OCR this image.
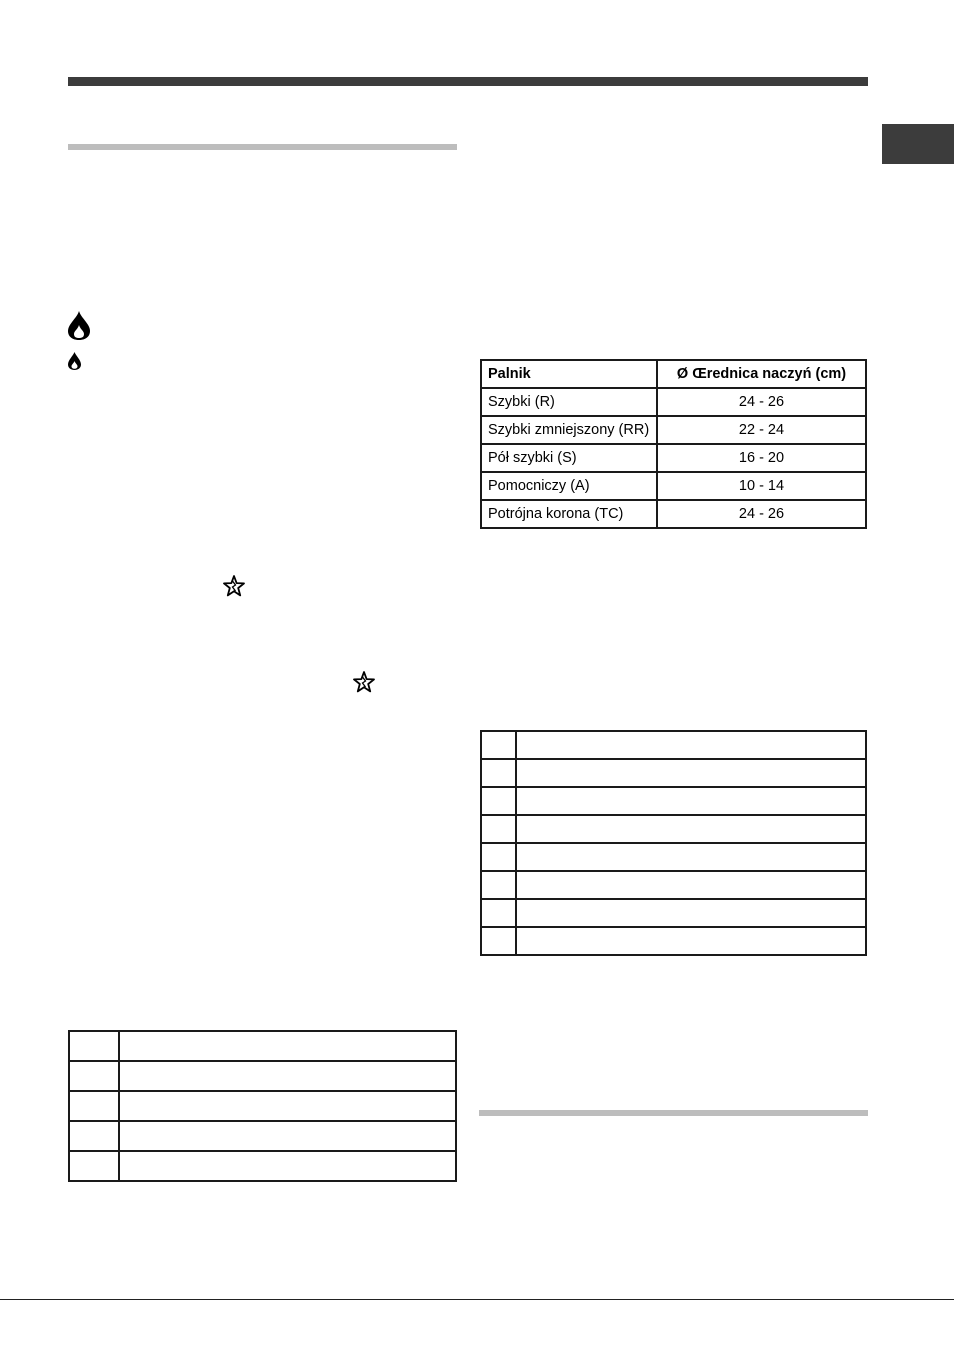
Palnik	Ø Œrednica naczyń (cm)
Szybki (R)	24 - 26
Szybki zmniejszony (RR)	22 - 24
Pół szybki (S)	16 - 20
Pomocniczy (A)	10 - 14
Potrójna korona (TC)	24 - 26
